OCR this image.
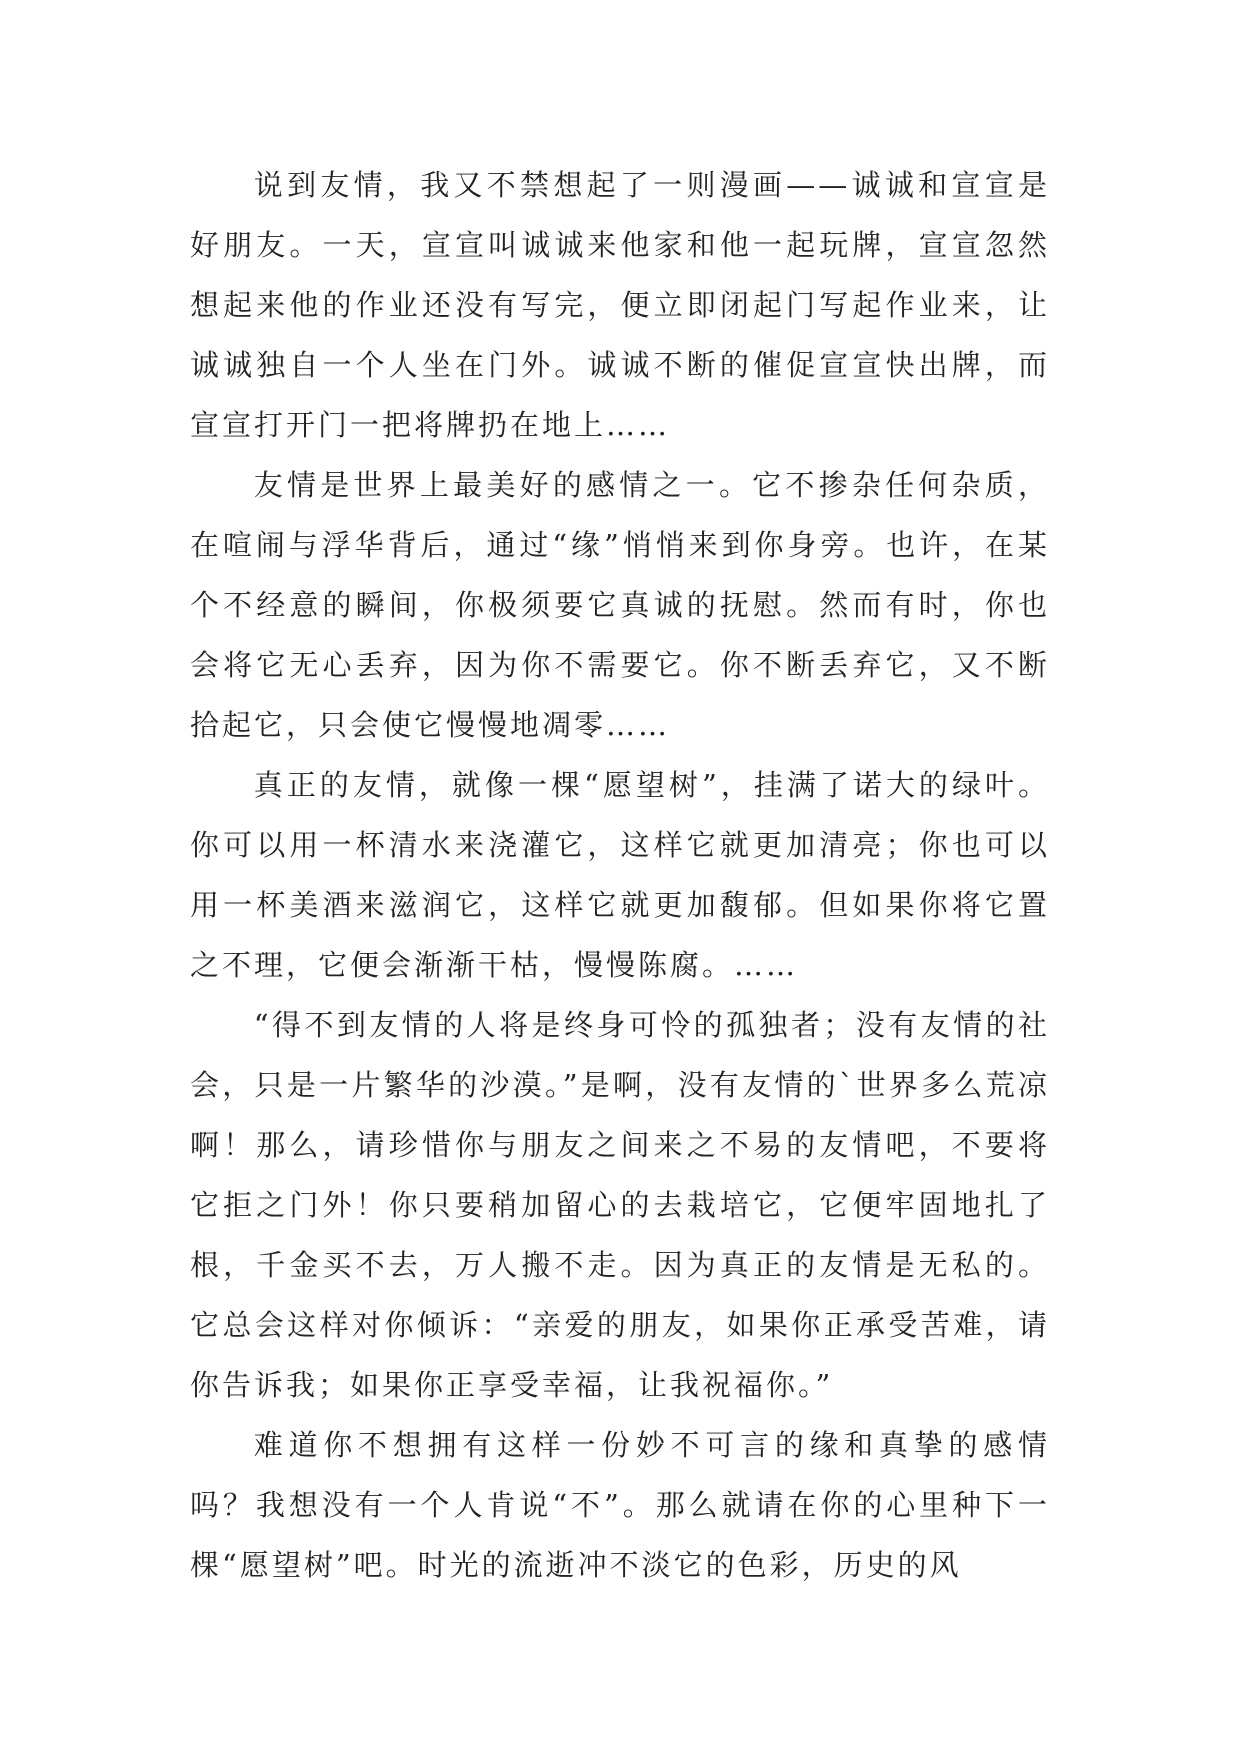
说到友情，我又不禁想起了一则漫画——诚诚和宣宣是好朋友。一天，宣宣叫诚诚来他家和他一起玩牌，宣宣忽然想起来他的作业还没有写完，便立即闭起门写起作业来，让诚诚独自一个人坐在门外。诚诚不断的催促宣宣快出牌，而宣宣打开门一把将牌扔在地上……

友情是世界上最美好的感情之一。它不掺杂任何杂质，在喧闹与浮华背后，通过“缘”悄悄来到你身旁。也许，在某个不经意的瞬间，你极须要它真诚的抚慰。然而有时，你也会将它无心丢弃，因为你不需要它。你不断丢弃它，又不断拾起它，只会使它慢慢地凋零……

真正的友情，就像一棵“愿望树”，挂满了诺大的绿叶。你可以用一杯清水来浇灌它，这样它就更加清亮；你也可以用一杯美酒来滋润它，这样它就更加馥郁。但如果你将它置之不理，它便会渐渐干枯，慢慢陈腐。……

“得不到友情的人将是终身可怜的孤独者；没有友情的社会，只是一片繁华的沙漠。”是啊，没有友情的`世界多么荒凉啊！那么，请珍惜你与朋友之间来之不易的友情吧，不要将它拒之门外！你只要稍加留心的去栽培它，它便牢固地扎了根，千金买不去，万人搬不走。因为真正的友情是无私的。它总会这样对你倾诉：“亲爱的朋友，如果你正承受苦难，请你告诉我；如果你正享受幸福，让我祝福你。”

难道你不想拥有这样一份妙不可言的缘和真挚的感情吗？我想没有一个人肯说“不”。那么就请在你的心里种下一棵“愿望树”吧。时光的流逝冲不淡它的色彩，历史的风
